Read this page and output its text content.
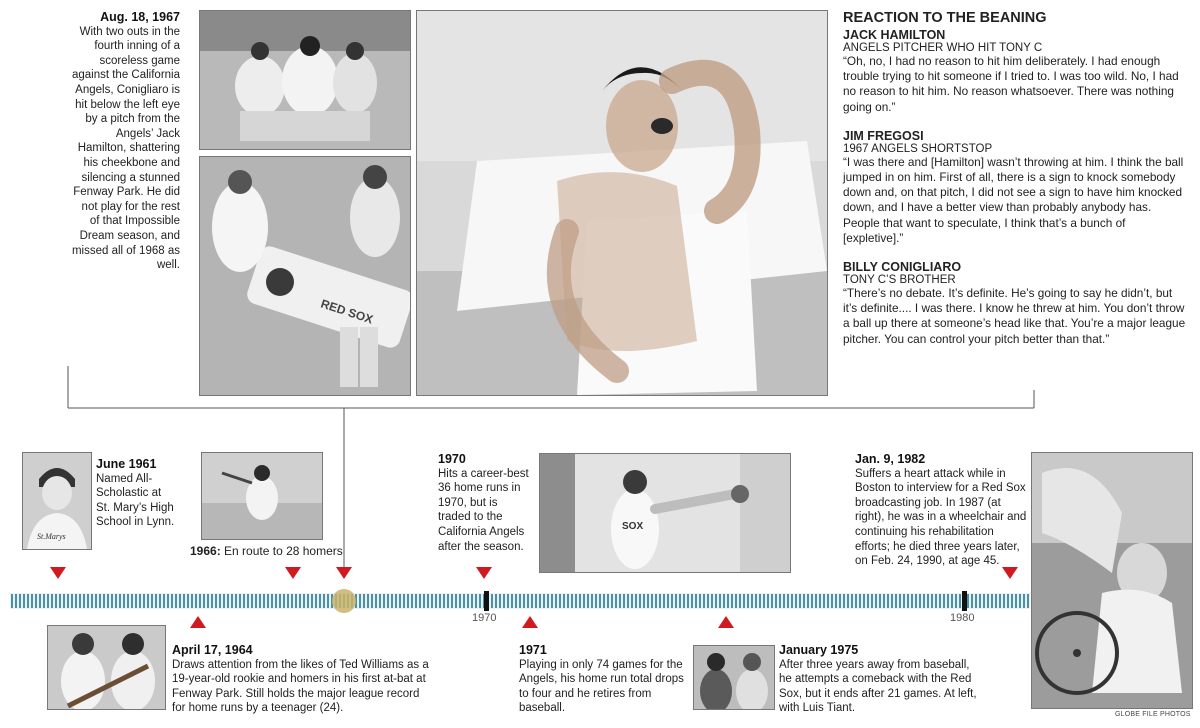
Aug. 18, 1967
With two outs in the fourth inning of a scoreless game against the California Angels, Conigliaro is hit below the left eye by a pitch from the Angels’ Jack Hamilton, shattering his cheekbone and silencing a stunned Fenway Park. He did not play for the rest of that Impossible Dream season, and missed all of 1968 as well.
RED SOX
REACTION TO THE BEANING
JACK HAMILTON
ANGELS PITCHER WHO HIT TONY C
“Oh, no, I had no reason to hit him deliberately. I had enough trouble trying to hit someone if I tried to. I was too wild. No, I had no reason to hit him. No reason whatsoever. There was nothing going on.”
JIM FREGOSI
1967 ANGELS SHORTSTOP
“I was there and [Hamilton] wasn’t throwing at him. I think the ball jumped in on him. First of all, there is a sign to knock somebody down and, on that pitch, I did not see a sign to have him knocked down, and I have a better view than probably anybody has. People that want to speculate, I think that’s a bunch of [expletive].”
BILLY CONIGLIARO
TONY C’S BROTHER
“There’s no debate. It’s definite. He’s going to say he didn’t, but it’s definite.... I was there. I know he threw at him. You don’t throw a ball up there at someone’s head like that. You’re a major league pitcher. You can control your pitch better than that.”
St.Marys
June 1961
Named All-Scholastic at St. Mary’s High School in Lynn.
1966: En route to 28 homers
1970
Hits a career-best 36 home runs in 1970, but is traded to the California Angels after the season.
SOX
Jan. 9, 1982
Suffers a heart attack while in Boston to interview for a Red Sox broadcasting job. In 1987 (at right), he was in a wheelchair and continuing his rehabilitation efforts; he died three years later, on Feb. 24, 1990, at age 45.
1970	1980
April 17, 1964
Draws attention from the likes of Ted Williams as a 19-year-old rookie and homers in his first at-bat at Fenway Park. Still holds the major league record for home runs by a teenager (24).
1971
Playing in only 74 games for the Angels, his home run total drops to four and he retires from baseball.
January 1975
After three years away from baseball, he attempts a comeback with the Red Sox, but it ends after 21 games. At left, with Luis Tiant.
GLOBE FILE PHOTOS
